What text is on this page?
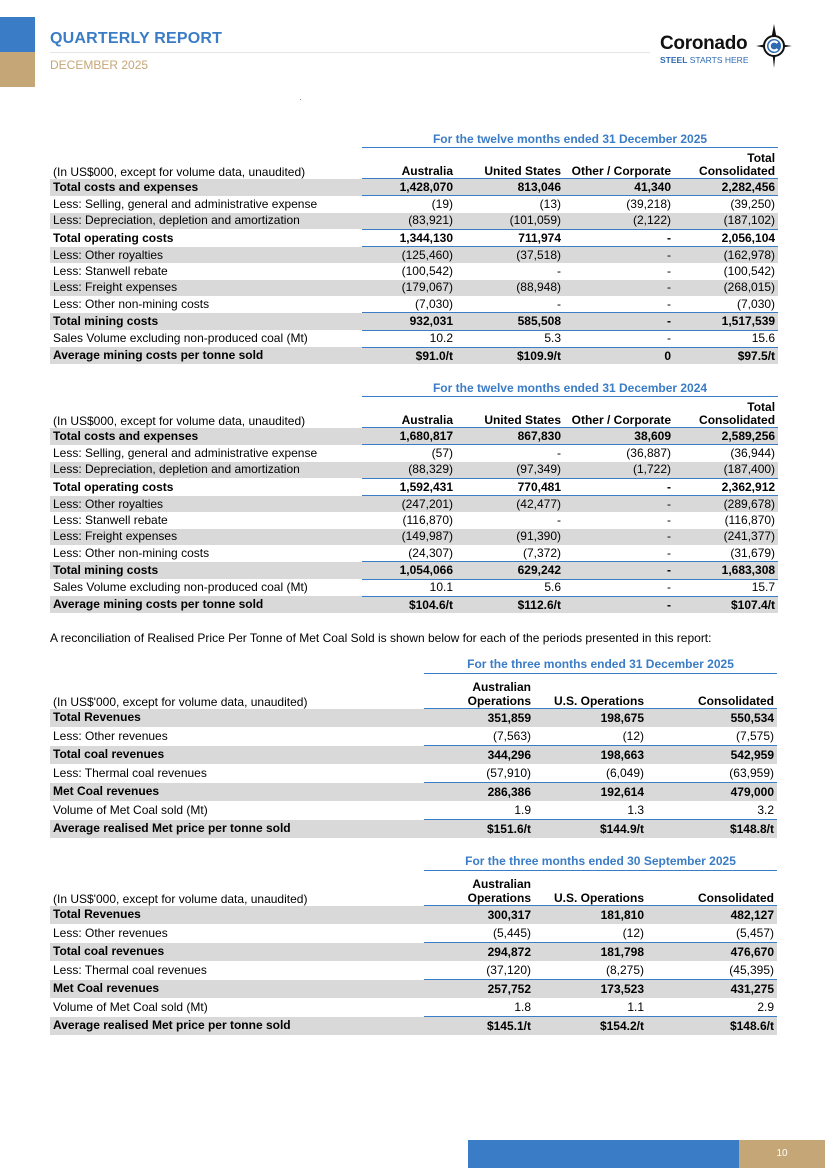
QUARTERLY REPORT
DECEMBER 2025
Coronado
STEEL STARTS HERE
	For the twelve months ended 31 December 2025			
(In US$000, except for volume data, unaudited)	Australia	United States	Other / Corporate	Total Consolidated
Total costs and expenses	1,428,070	813,046	41,340	2,282,456
Less: Selling, general and administrative expense	(19)	(13)	(39,218)	(39,250)
Less: Depreciation, depletion and amortization	(83,921)	(101,059)	(2,122)	(187,102)
Total operating costs	1,344,130	711,974	-	2,056,104
Less: Other royalties	(125,460)	(37,518)	-	(162,978)
Less: Stanwell rebate	(100,542)	-	-	(100,542)
Less: Freight expenses	(179,067)	(88,948)	-	(268,015)
Less: Other non-mining costs	(7,030)	-	-	(7,030)
Total mining costs	932,031	585,508	-	1,517,539
Sales Volume excluding non-produced coal (Mt)	10.2	5.3	-	15.6
Average mining costs per tonne sold	$91.0/t	$109.9/t	0	$97.5/t
	For the twelve months ended 31 December 2024			
(In US$000, except for volume data, unaudited)	Australia	United States	Other / Corporate	Total Consolidated
Total costs and expenses	1,680,817	867,830	38,609	2,589,256
Less: Selling, general and administrative expense	(57)	-	(36,887)	(36,944)
Less: Depreciation, depletion and amortization	(88,329)	(97,349)	(1,722)	(187,400)
Total operating costs	1,592,431	770,481	-	2,362,912
Less: Other royalties	(247,201)	(42,477)	-	(289,678)
Less: Stanwell rebate	(116,870)	-	-	(116,870)
Less: Freight expenses	(149,987)	(91,390)	-	(241,377)
Less: Other non-mining costs	(24,307)	(7,372)	-	(31,679)
Total mining costs	1,054,066	629,242	-	1,683,308
Sales Volume excluding non-produced coal (Mt)	10.1	5.6	-	15.7
Average mining costs per tonne sold	$104.6/t	$112.6/t	-	$107.4/t
A reconciliation of Realised Price Per Tonne of Met Coal Sold is shown below for each of the periods presented in this report:
	For the three months ended 31 December 2025		
(In US$'000, except for volume data, unaudited)	Australian Operations	U.S. Operations	Consolidated
Total Revenues	351,859	198,675	550,534
Less: Other revenues	(7,563)	(12)	(7,575)
Total coal revenues	344,296	198,663	542,959
Less: Thermal coal revenues	(57,910)	(6,049)	(63,959)
Met Coal revenues	286,386	192,614	479,000
Volume of Met Coal sold (Mt)	1.9	1.3	3.2
Average realised Met price per tonne sold	$151.6/t	$144.9/t	$148.8/t
	For the three months ended 30 September 2025		
(In US$'000, except for volume data, unaudited)	Australian Operations	U.S. Operations	Consolidated
Total Revenues	300,317	181,810	482,127
Less: Other revenues	(5,445)	(12)	(5,457)
Total coal revenues	294,872	181,798	476,670
Less: Thermal coal revenues	(37,120)	(8,275)	(45,395)
Met Coal revenues	257,752	173,523	431,275
Volume of Met Coal sold (Mt)	1.8	1.1	2.9
Average realised Met price per tonne sold	$145.1/t	$154.2/t	$148.6/t
10
